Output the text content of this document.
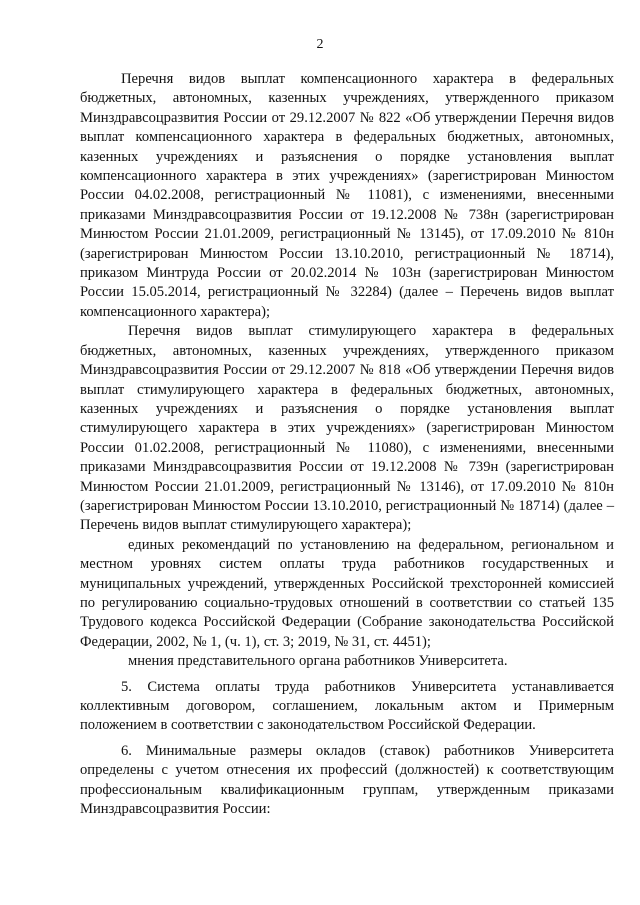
2

Перечня видов выплат компенсационного характера в федеральных бюджетных, автономных, казенных учреждениях, утвержденного приказом Минздравсоцразвития России от 29.12.2007 № 822 «Об утверждении Перечня видов выплат компенсационного характера в федеральных бюджетных, автономных, казенных учреждениях и разъяснения о порядке установления выплат компенсационного характера в этих учреждениях» (зарегистрирован Минюстом России 04.02.2008, регистрационный № 11081), с изменениями, внесенными приказами Минздравсоцразвития России от 19.12.2008 № 738н (зарегистрирован Минюстом России 21.01.2009, регистрационный № 13145), от 17.09.2010 № 810н (зарегистрирован Минюстом России 13.10.2010, регистрационный № 18714), приказом Минтруда России от 20.02.2014 № 103н (зарегистрирован Минюстом России 15.05.2014, регистрационный № 32284) (далее – Перечень видов выплат компенсационного характера);

Перечня видов выплат стимулирующего характера в федеральных бюджетных, автономных, казенных учреждениях, утвержденного приказом Минздравсоцразвития России от 29.12.2007 № 818 «Об утверждении Перечня видов выплат стимулирующего характера в федеральных бюджетных, автономных, казенных учреждениях и разъяснения о порядке установления выплат стимулирующего характера в этих учреждениях» (зарегистрирован Минюстом России 01.02.2008, регистрационный № 11080), с изменениями, внесенными приказами Минздравсоцразвития России от 19.12.2008 № 739н (зарегистрирован Минюстом России 21.01.2009, регистрационный № 13146), от 17.09.2010 № 810н (зарегистрирован Минюстом России 13.10.2010, регистрационный № 18714) (далее – Перечень видов выплат стимулирующего характера);

единых рекомендаций по установлению на федеральном, региональном и местном уровнях систем оплаты труда работников государственных и муниципальных учреждений, утвержденных Российской трехсторонней комиссией по регулированию социально-трудовых отношений в соответствии со статьей 135 Трудового кодекса Российской Федерации (Собрание законодательства Российской Федерации, 2002, № 1, (ч. 1), ст. 3; 2019, № 31, ст. 4451);

мнения представительного органа работников Университета.

5. Система оплаты труда работников Университета устанавливается коллективным договором, соглашением, локальным актом и Примерным положением в соответствии с законодательством Российской Федерации.

6. Минимальные размеры окладов (ставок) работников Университета определены с учетом отнесения их профессий (должностей) к соответствующим профессиональным квалификационным группам, утвержденным приказами Минздравсоцразвития России:
